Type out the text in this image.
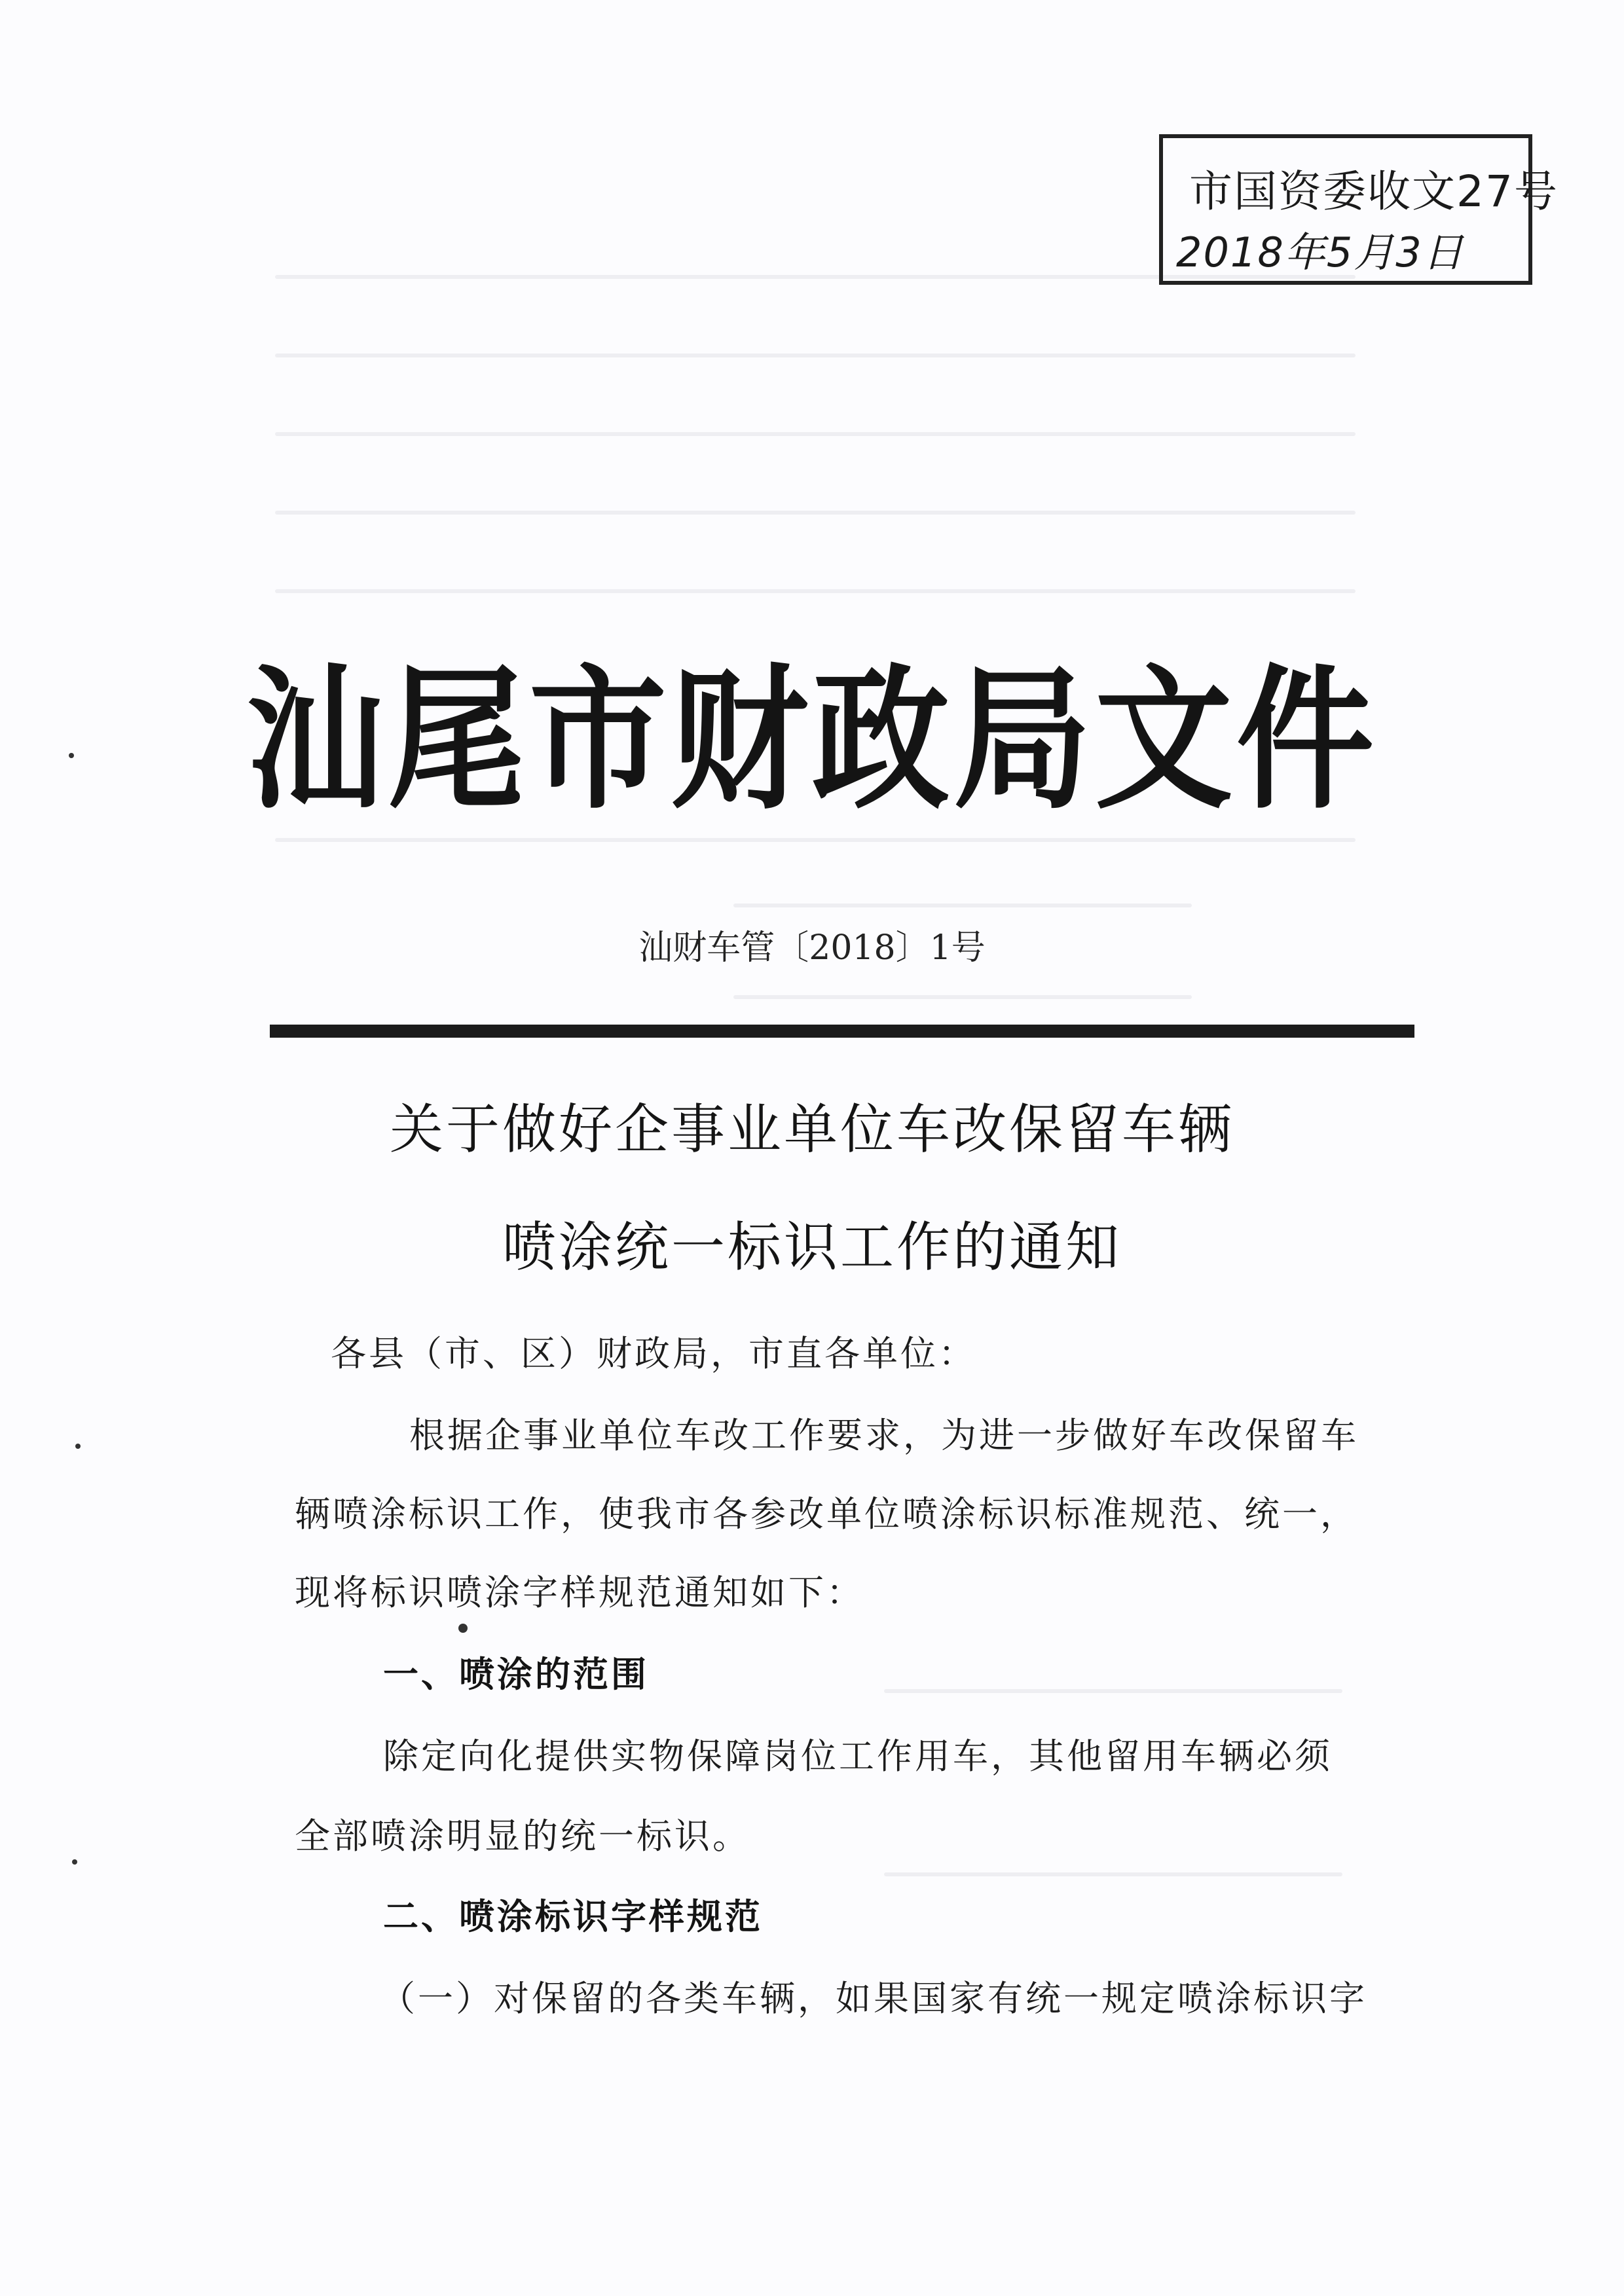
市国资委收文27号
2018年5月3日
汕尾市财政局文件
汕财车管〔2018〕1号
关于做好企事业单位车改保留车辆
喷涂统一标识工作的通知
各县（市、区）财政局，市直各单位：
根据企事业单位车改工作要求，为进一步做好车改保留车
辆喷涂标识工作，使我市各参改单位喷涂标识标准规范、统一，
现将标识喷涂字样规范通知如下：
一、喷涂的范围
除定向化提供实物保障岗位工作用车，其他留用车辆必须
全部喷涂明显的统一标识。
二、喷涂标识字样规范
（一）对保留的各类车辆，如果国家有统一规定喷涂标识字
